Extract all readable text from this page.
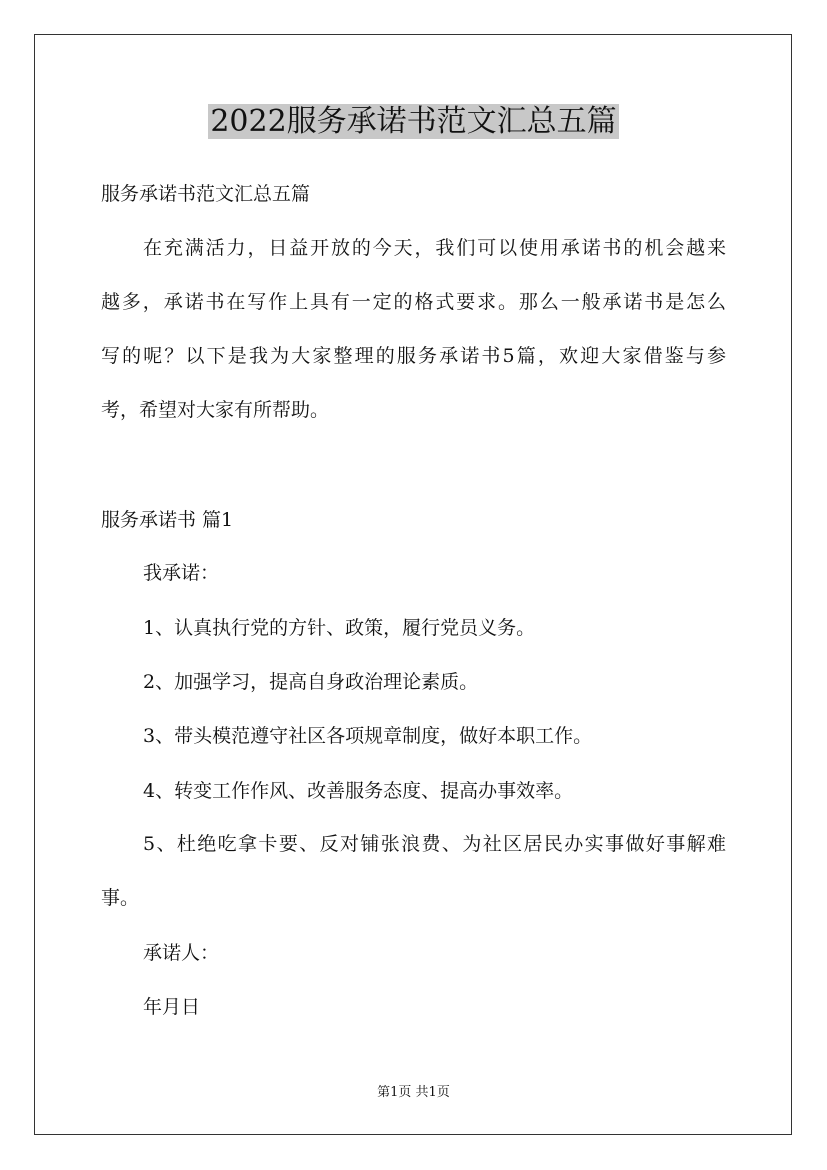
2022服务承诺书范文汇总五篇
服务承诺书范文汇总五篇
在充满活力，日益开放的今天，我们可以使用承诺书的机会越来
越多，承诺书在写作上具有一定的格式要求。那么一般承诺书是怎么
写的呢？以下是我为大家整理的服务承诺书5篇，欢迎大家借鉴与参
考，希望对大家有所帮助。
服务承诺书 篇1
我承诺：
1、认真执行党的方针、政策，履行党员义务。
2、加强学习，提高自身政治理论素质。
3、带头模范遵守社区各项规章制度，做好本职工作。
4、转变工作作风、改善服务态度、提高办事效率。
5、杜绝吃拿卡要、反对铺张浪费、为社区居民办实事做好事解难
事。
承诺人：
年月日
第1页 共1页
